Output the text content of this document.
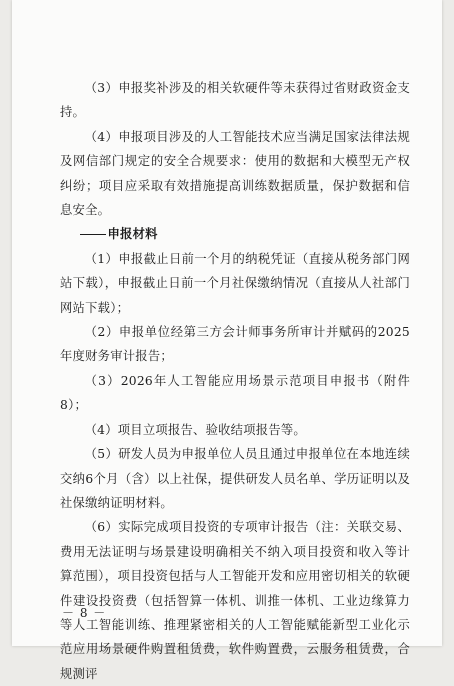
（3）申报奖补涉及的相关软硬件等未获得过省财政资金支持。

（4）申报项目涉及的人工智能技术应当满足国家法律法规及网信部门规定的安全合规要求：使用的数据和大模型无产权纠纷；项目应采取有效措施提高训练数据质量，保护数据和信息安全。

申报材料

（1）申报截止日前一个月的纳税凭证（直接从税务部门网站下载），申报截止日前一个月社保缴纳情况（直接从人社部门网站下载）；

（2）申报单位经第三方会计师事务所审计并赋码的2025年度财务审计报告；

（3）2026年人工智能应用场景示范项目申报书（附件8）；

（4）项目立项报告、验收结项报告等。

（5）研发人员为申报单位人员且通过申报单位在本地连续交纳6个月（含）以上社保，提供研发人员名单、学历证明以及社保缴纳证明材料。

（6）实际完成项目投资的专项审计报告（注：关联交易、费用无法证明与场景建设明确相关不纳入项目投资和收入等计算范围），项目投资包括与人工智能开发和应用密切相关的软硬件建设投资费（包括智算一体机、训推一体机、工业边缘算力等人工智能训练、推理紧密相关的人工智能赋能新型工业化示范应用场景硬件购置租赁费，软件购置费，云服务租赁费，合规测评

－ 8 －
